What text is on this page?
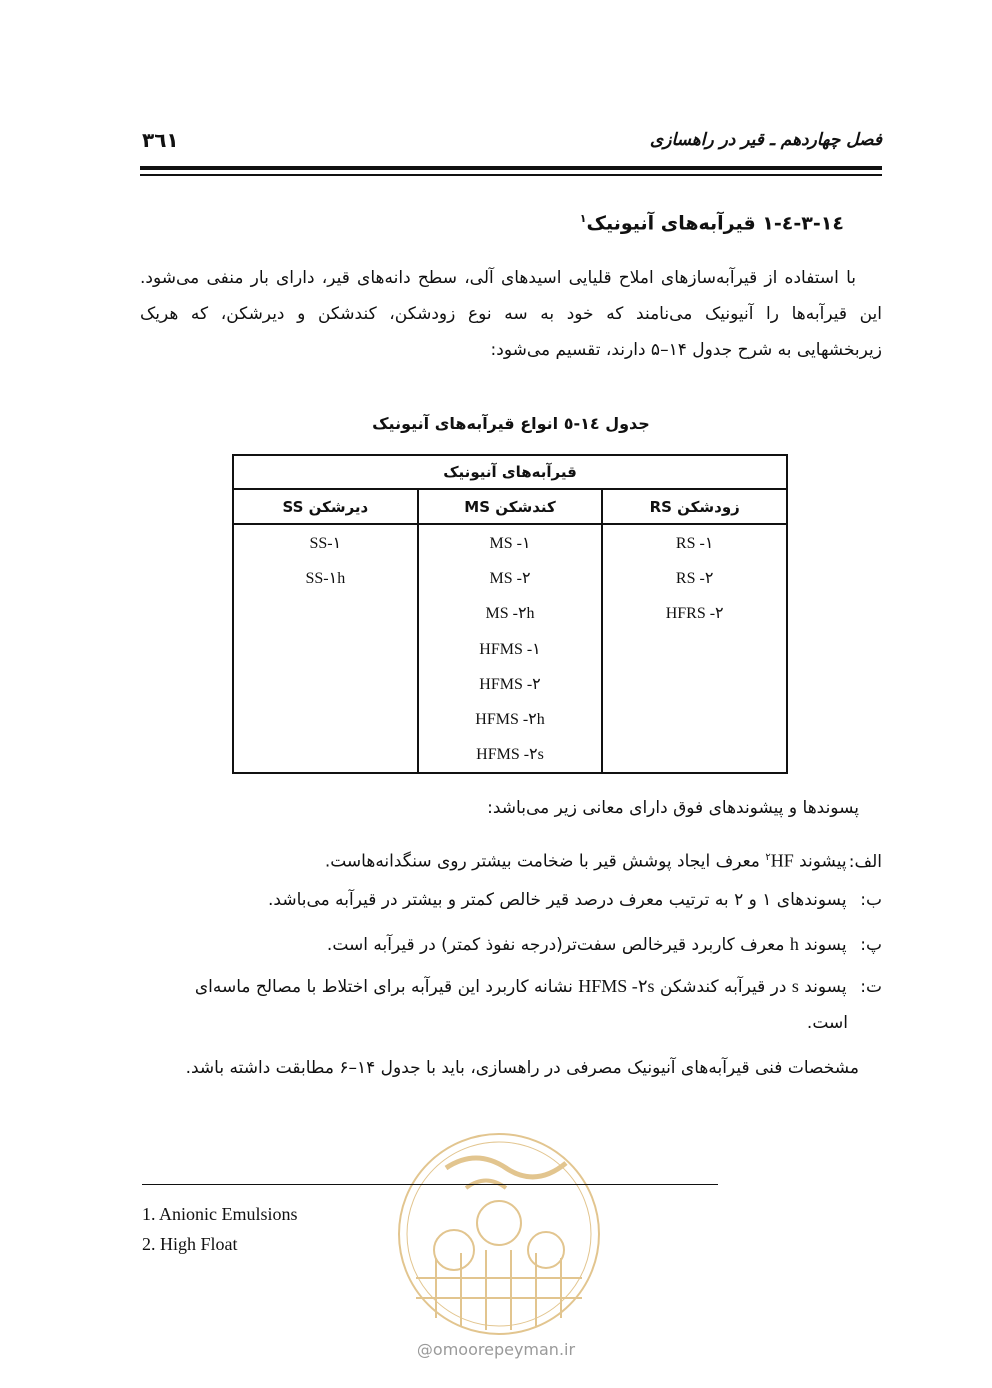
فصل چهاردهم ـ قیر در راهسازی
۳٦١
١٤-٣-٤-١ قیرآبه‌های آنیونیک$^١$
با استفاده از قیرآبه‌سازهای املاح قلیایی اسیدهای آلی، سطح دانه‌های قیر، دارای بار منفی می‌شود.
این قیرآبه‌ها را آنیونیک می‌نامند که خود به سه نوع زودشکن، کندشکن و دیرشکن، که هریک
زیربخشهایی به شرح جدول ١۴–۵ دارند، تقسیم می‌شود:
جدول ١٤-٥ انواع قیرآبه‌های آنیونیک
قیرآبه‌های آنیونیک		
زودشکن RS	کندشکن MS	دیرشکن SS
RS -١	MS -١	SS-١
RS -٢	MS -٢	SS-١h
HFRS -٢	MS -٢h	
	HFMS -١	
	HFMS -٢	
	HFMS -٢h	
	HFMS -٢s	
پسوندها و پیشوندهای فوق دارای معانی زیر می‌باشد:
الف: پیشوند $HF^٢$ معرف ایجاد پوشش قیر با ضخامت بیشتر روی سنگدانه‌هاست.
ب: پسوندهای ١ و ٢ به ترتیب معرف درصد قیر خالص کمتر و بیشتر در قیرآبه می‌باشد.
پ: پسوند h معرف کاربرد قیرخالص سفت‌تر(درجه نفوذ کمتر) در قیرآبه است.
ت: پسوند s در قیرآبه کندشکن HFMS -٢s نشانه کاربرد این قیرآبه برای اختلاط با مصالح ماسه‌ای
است.
مشخصات فنی قیرآبه‌های آنیونیک مصرفی در راهسازی، باید با جدول ١۴–۶ مطابقت داشته باشد.
1. Anionic Emulsions
2. High Float
@omoorepeyman.ir
